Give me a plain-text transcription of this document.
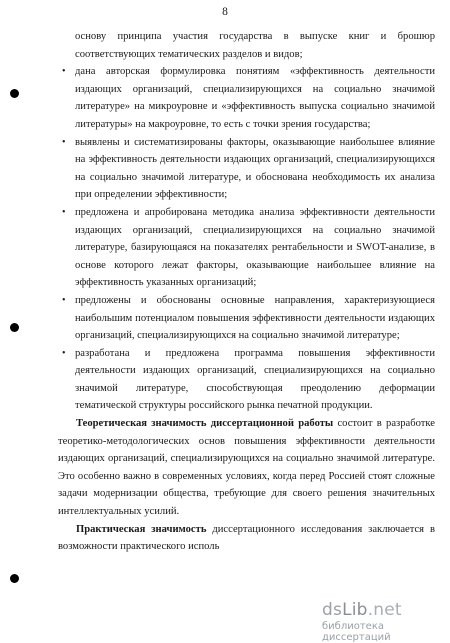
8
основу принципа участия государства в выпуске книг и брошюр соответствующих тематических разделов и видов;
• дана авторская формулировка понятиям «эффективность деятельности издающих организаций, специализирующихся на социально значимой литературе» на микроуровне и «эффективность выпуска социально значимой литературы» на макроуровне, то есть с точки зрения государства;
• выявлены и систематизированы факторы, оказывающие наибольшее влияние на эффективность деятельности издающих организаций, специализирующихся на социально значимой литературе, и обоснована необходимость их анализа при определении эффективности;
• предложена и апробирована методика анализа эффективности деятельности издающих организаций, специализирующихся на социально значимой литературе, базирующаяся на показателях рентабельности и SWOT-анализе, в основе которого лежат факторы, оказывающие наибольшее влияние на эффективность указанных организаций;
• предложены и обоснованы основные направления, характеризующиеся наибольшим потенциалом повышения эффективности деятельности издающих организаций, специализирующихся на социально значимой литературе;
• разработана и предложена программа повышения эффективности деятельности издающих организаций, специализирующихся на социально значимой литературе, способствующая преодолению деформации тематической структуры российского рынка печатной продукции.
Теоретическая значимость диссертационной работы состоит в разработке теоретико-методологических основ повышения эффективности деятельности издающих организаций, специализирующихся на социально значимой литературе. Это особенно важно в современных условиях, когда перед Россией стоят сложные задачи модернизации общества, требующие для своего решения значительных интеллектуальных усилий.
Практическая значимость диссертационного исследования заключается в возможности практического исполь
dsLib.net
библиотека диссертаций
